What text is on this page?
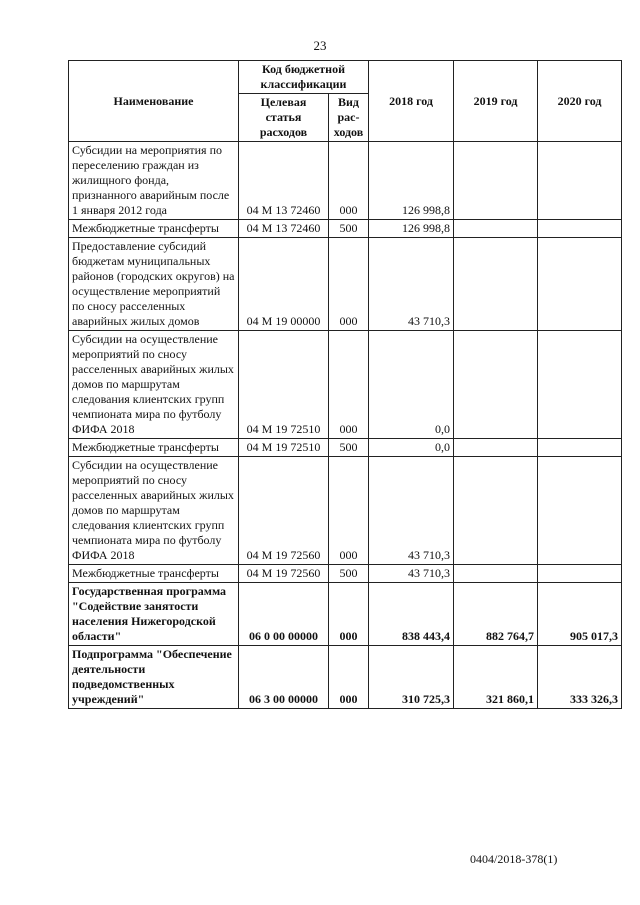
23
Наименование	Код бюджетной классификации		2018 год	2019 год	2020 год
	Целевая статья расходов	Вид рас-ходов			
Субсидии на мероприятия по переселению граждан из жилищного фонда, признанного аварийным после 1 января 2012 года	04 М 13 72460	000	126 998,8		
Межбюджетные трансферты	04 М 13 72460	500	126 998,8		
Предоставление субсидий бюджетам муниципальных районов (городских округов) на осуществление мероприятий по сносу расселенных аварийных жилых домов	04 М 19 00000	000	43 710,3		
Субсидии на осуществление мероприятий по сносу расселенных аварийных жилых домов по маршрутам следования клиентских групп чемпионата мира по футболу ФИФА 2018	04 М 19 72510	000	0,0		
Межбюджетные трансферты	04 М 19 72510	500	0,0		
Субсидии на осуществление мероприятий по сносу расселенных аварийных жилых домов по маршрутам следования клиентских групп чемпионата мира по футболу ФИФА 2018	04 М 19 72560	000	43 710,3		
Межбюджетные трансферты	04 М 19 72560	500	43 710,3		
Государственная программа "Содействие занятости населения Нижегородской области"	06 0 00 00000	000	838 443,4	882 764,7	905 017,3
Подпрограмма "Обеспечение деятельности подведомственных учреждений"	06 3 00 00000	000	310 725,3	321 860,1	333 326,3
0404/2018-378(1)
